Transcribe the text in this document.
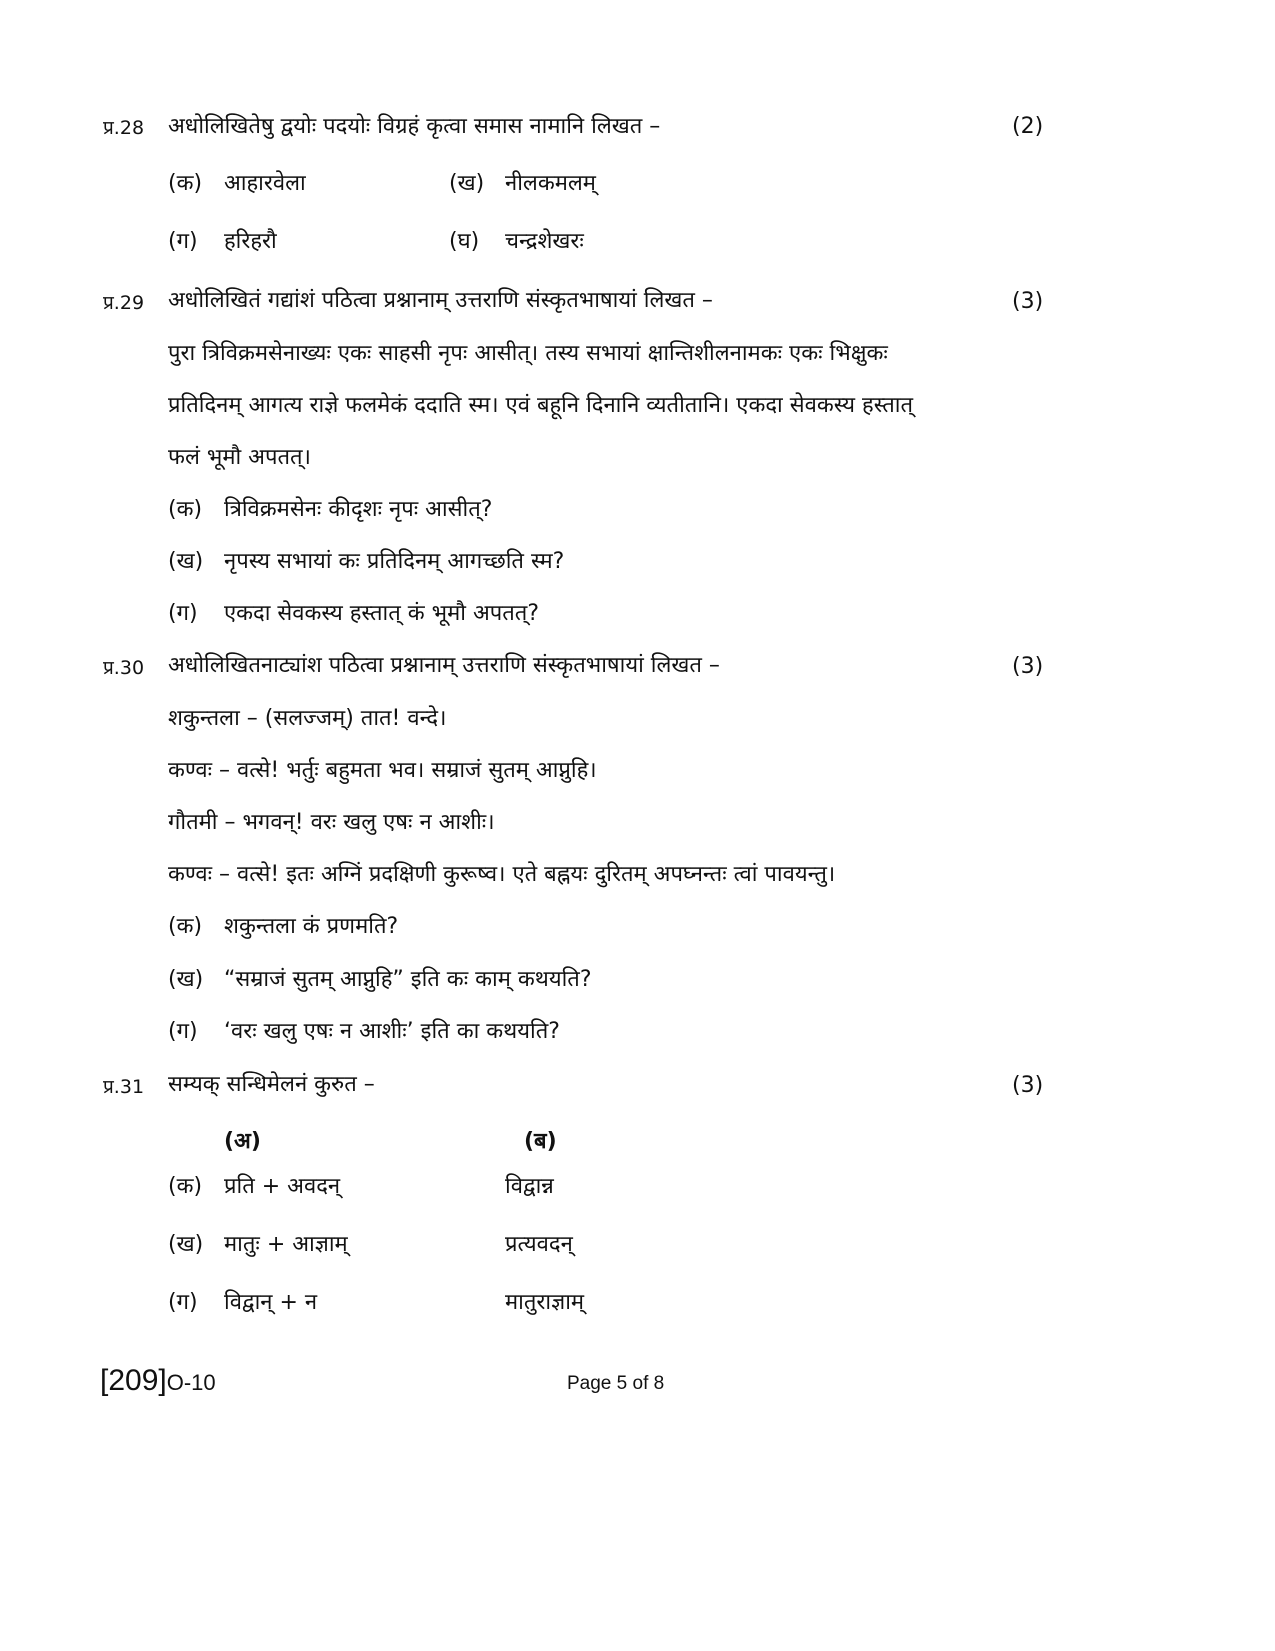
प्र.28 अधोलिखितेषु द्वयोः पदयोः विग्रहं कृत्वा समास नामानि लिखत –	(2)
(क) आहारवेला	(ख) नीलकमलम्
(ग) हरिहरौ	(घ) चन्द्रशेखरः
प्र.29 अधोलिखितं गद्यांशं पठित्वा प्रश्नानाम् उत्तराणि संस्कृतभाषायां लिखत –	(3)
पुरा त्रिविक्रमसेनाख्यः एकः साहसी नृपः आसीत्। तस्य सभायां क्षान्तिशीलनामकः एकः भिक्षुकः
प्रतिदिनम् आगत्य राज्ञे फलमेकं ददाति स्म। एवं बहूनि दिनानि व्यतीतानि। एकदा सेवकस्य हस्तात्
फलं भूमौ अपतत्।
(क) त्रिविक्रमसेनः कीदृशः नृपः आसीत्?
(ख) नृपस्य सभायां कः प्रतिदिनम् आगच्छति स्म?
(ग) एकदा सेवकस्य हस्तात् कं भूमौ अपतत्?
प्र.30 अधोलिखितनाट्यांश पठित्वा प्रश्नानाम् उत्तराणि संस्कृतभाषायां लिखत –	(3)
शकुन्तला – (सलज्जम्) तात! वन्दे।
कण्वः – वत्से! भर्तुः बहुमता भव। सम्राजं सुतम् आप्नुहि।
गौतमी – भगवन्! वरः खलु एषः न आशीः।
कण्वः – वत्से! इतः अग्निं प्रदक्षिणी कुरूष्व। एते बह्नयः दुरितम् अपघ्नन्तः त्वां पावयन्तु।
(क) शकुन्तला कं प्रणमति?
(ख) “सम्राजं सुतम् आप्नुहि” इति कः काम् कथयति?
(ग) ‘वरः खलु एषः न आशीः’ इति का कथयति?
प्र.31 सम्यक् सन्धिमेलनं कुरुत –	(3)
(अ)	(ब)
(क) प्रति + अवदन्	विद्वान्न
(ख) मातुः + आज्ञाम्	प्रत्यवदन्
(ग) विद्वान् + न	मातुराज्ञाम्
[209]O-10	Page 5 of 8
